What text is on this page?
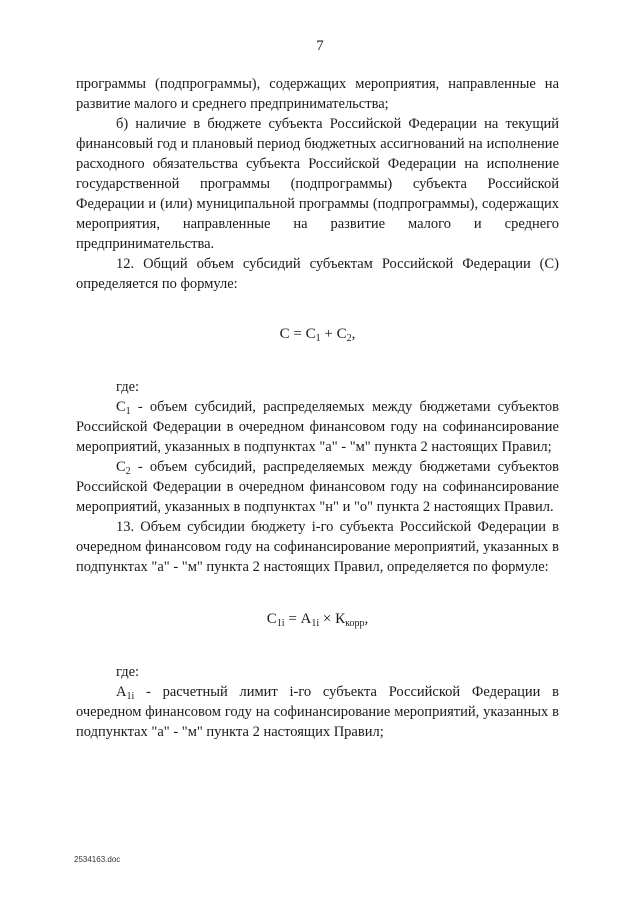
7

программы (подпрограммы), содержащих мероприятия, направленные на развитие малого и среднего предпринимательства;

б) наличие в бюджете субъекта Российской Федерации на текущий финансовый год и плановый период бюджетных ассигнований на исполнение расходного обязательства субъекта Российской Федерации на исполнение государственной программы (подпрограммы) субъекта Российской Федерации и (или) муниципальной программы (подпрограммы), содержащих мероприятия, направленные на развитие малого и среднего предпринимательства.

12. Общий объем субсидий субъектам Российской Федерации (С) определяется по формуле:

$С = С_1 + С_2$,

где:

$С_1$ - объем субсидий, распределяемых между бюджетами субъектов Российской Федерации в очередном финансовом году на софинансирование мероприятий, указанных в подпунктах "а" - "м" пункта 2 настоящих Правил;

$С_2$ - объем субсидий, распределяемых между бюджетами субъектов Российской Федерации в очередном финансовом году на софинансирование мероприятий, указанных в подпунктах "н" и "о" пункта 2 настоящих Правил.

13. Объем субсидии бюджету i-го субъекта Российской Федерации в очередном финансовом году на софинансирование мероприятий, указанных в подпунктах "а" - "м" пункта 2 настоящих Правил, определяется по формуле:

$С_{1i} = А_{1i} \times К_{корр}$,

где:

$А_{1i}$ - расчетный лимит i-го субъекта Российской Федерации в очередном финансовом году на софинансирование мероприятий, указанных в подпунктах "а" - "м" пункта 2 настоящих Правил;

2534163.doc
